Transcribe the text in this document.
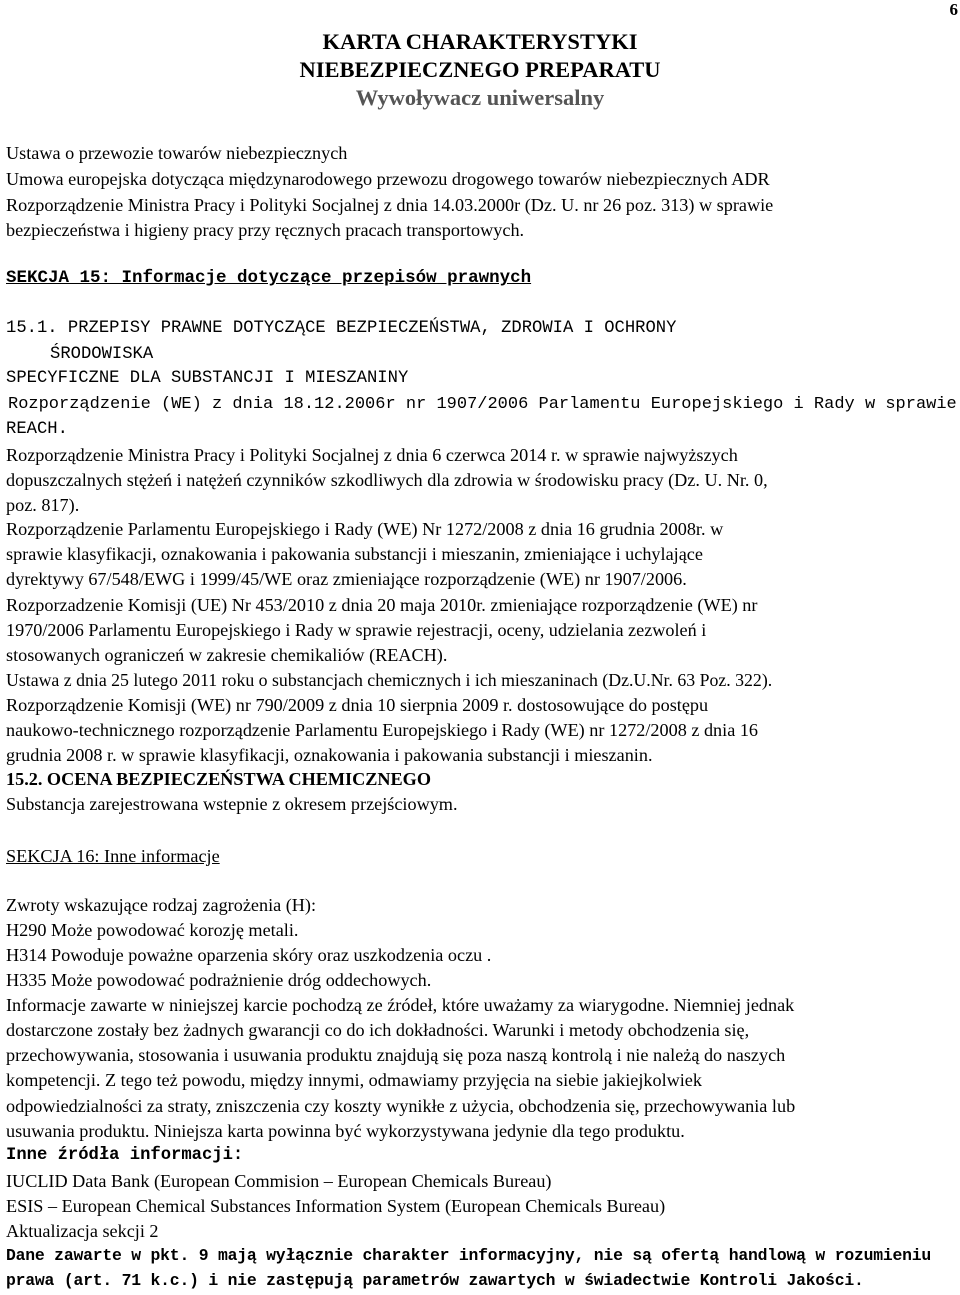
6
KARTA CHARAKTERYSTYKI
NIEBEZPIECZNEGO PREPARATU
Wywoływacz uniwersalny
Ustawa o przewozie towarów niebezpiecznych
Umowa europejska dotycząca międzynarodowego przewozu drogowego towarów niebezpiecznych ADR
Rozporządzenie Ministra Pracy i Polityki Socjalnej z dnia 14.03.2000r (Dz. U. nr 26 poz. 313) w sprawie
bezpieczeństwa i higieny pracy przy ręcznych pracach transportowych.
SEKCJA 15: Informacje dotyczące przepisów prawnych
15.1. PRZEPISY PRAWNE DOTYCZĄCE BEZPIECZEŃSTWA, ZDROWIA I OCHRONY
ŚRODOWISKA
SPECYFICZNE DLA SUBSTANCJI I MIESZANINY
Rozporządzenie (WE) z dnia 18.12.2006r nr 1907/2006 Parlamentu Europejskiego i Rady w sprawie
REACH.
Rozporządzenie Ministra Pracy i Polityki Socjalnej z dnia 6 czerwca 2014 r. w sprawie najwyższych
dopuszczalnych stężeń i natężeń czynników szkodliwych dla zdrowia w środowisku pracy (Dz. U. Nr. 0,
poz. 817).
Rozporządzenie Parlamentu Europejskiego i Rady (WE) Nr 1272/2008 z dnia 16 grudnia 2008r. w
sprawie klasyfikacji, oznakowania i pakowania substancji i mieszanin, zmieniające i uchylające
dyrektywy 67/548/EWG i 1999/45/WE oraz zmieniające rozporządzenie (WE) nr 1907/2006.
Rozporzadzenie Komisji (UE) Nr 453/2010 z dnia 20 maja 2010r. zmieniające rozporządzenie (WE) nr
1970/2006 Parlamentu Europejskiego i Rady w sprawie rejestracji, oceny, udzielania zezwoleń i
stosowanych ograniczeń w zakresie chemikaliów (REACH).
Ustawa z dnia 25 lutego 2011 roku o substancjach chemicznych i ich mieszaninach (Dz.U.Nr. 63 Poz. 322).
Rozporządzenie Komisji (WE) nr 790/2009 z dnia 10 sierpnia 2009 r. dostosowujące do postępu
naukowo-technicznego rozporządzenie Parlamentu Europejskiego i Rady (WE) nr 1272/2008 z dnia 16
grudnia 2008 r. w sprawie klasyfikacji, oznakowania i pakowania substancji i mieszanin.
15.2. OCENA BEZPIECZEŃSTWA CHEMICZNEGO
Substancja zarejestrowana wstepnie z okresem przejściowym.
SEKCJA 16: Inne informacje
Zwroty wskazujące rodzaj zagrożenia (H):
H290 Może powodować korozję metali.
H314 Powoduje poważne oparzenia skóry oraz uszkodzenia oczu .
H335 Może powodować podrażnienie dróg oddechowych.
Informacje zawarte w niniejszej karcie pochodzą ze źródeł, które uważamy za wiarygodne. Niemniej jednak
dostarczone zostały bez żadnych gwarancji co do ich dokładności. Warunki i metody obchodzenia się,
przechowywania, stosowania i usuwania produktu znajdują się poza naszą kontrolą i nie należą do naszych
kompetencji. Z tego też powodu, między innymi, odmawiamy przyjęcia na siebie jakiejkolwiek
odpowiedzialności za straty, zniszczenia czy koszty wynikłe z użycia, obchodzenia się, przechowywania lub
usuwania produktu. Niniejsza karta powinna być wykorzystywana jedynie dla tego produktu.
Inne źródła informacji:
IUCLID Data Bank (European Commision – European Chemicals Bureau)
ESIS – European Chemical Substances Information System (European Chemicals Bureau)
Aktualizacja sekcji 2
Dane zawarte w pkt. 9 mają wyłącznie charakter informacyjny, nie są ofertą handlową w rozumieniu
prawa (art. 71 k.c.) i nie zastępują parametrów zawartych w świadectwie Kontroli Jakości.
